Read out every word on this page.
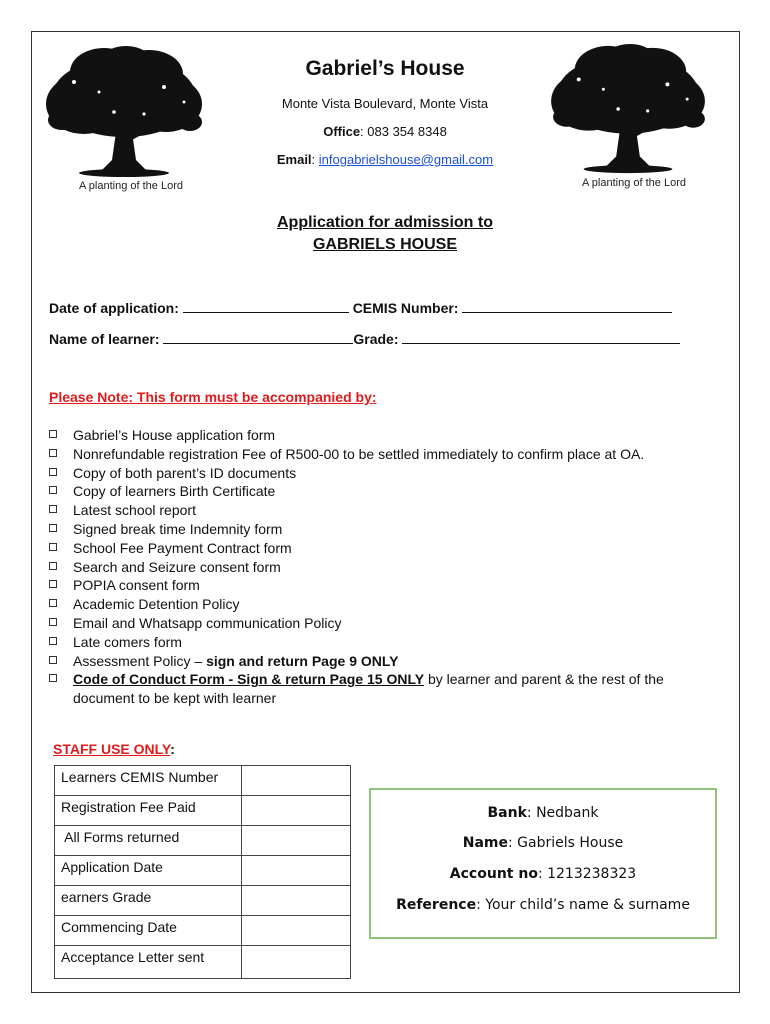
A planting of the Lord	A planting of the Lord
Gabriel’s House
Monte Vista Boulevard, Monte Vista
Office: 083 354 8348
Email: infogabrielshouse@gmail.com
Application for admission to
GABRIELS HOUSE
Date of application:	CEMIS Number:
Name of learner:	Grade:
Please Note: This form must be accompanied by:
Gabriel’s House application form
Nonrefundable registration Fee of R500-00 to be settled immediately to confirm place at OA.
Copy of both parent’s ID documents
Copy of learners Birth Certificate
Latest school report
Signed break time Indemnity form
School Fee Payment Contract form
Search and Seizure consent form
POPIA consent form
Academic Detention Policy
Email and Whatsapp communication Policy
Late comers form
Assessment Policy – sign and return Page 9 ONLY
Code of Conduct Form - Sign & return Page 15 ONLY by learner and parent & the rest of the document to be kept with learner
STAFF USE ONLY:
Learners CEMIS Number	
Registration Fee Paid	
All Forms returned	
Application Date	
earners Grade	
Commencing Date	
Acceptance Letter sent	
Bank: Nedbank
Name: Gabriels House
Account no: 1213238323
Reference: Your child’s name & surname
